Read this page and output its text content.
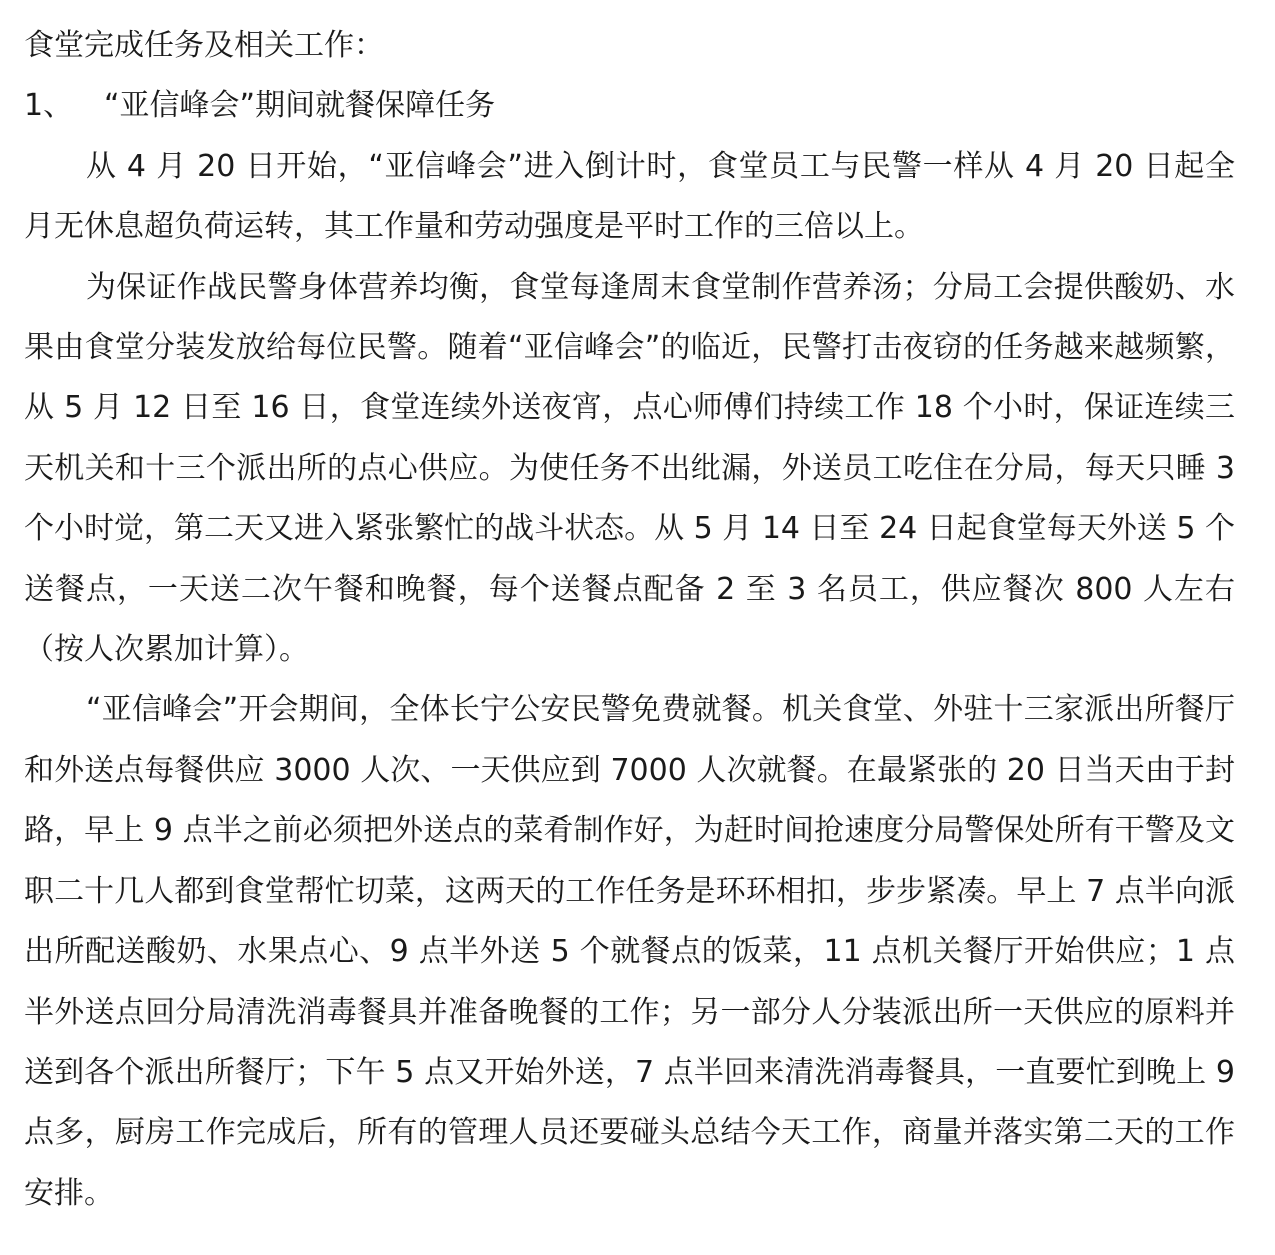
食堂完成任务及相关工作：

1、 “亚信峰会”期间就餐保障任务

从 4 月 20 日开始，“亚信峰会”进入倒计时，食堂员工与民警一样从 4 月 20 日起全月无休息超负荷运转，其工作量和劳动强度是平时工作的三倍以上。

为保证作战民警身体营养均衡，食堂每逢周末食堂制作营养汤；分局工会提供酸奶、水果由食堂分装发放给每位民警。随着“亚信峰会”的临近，民警打击夜窃的任务越来越频繁，从 5 月 12 日至 16 日，食堂连续外送夜宵，点心师傅们持续工作 18 个小时，保证连续三天机关和十三个派出所的点心供应。为使任务不出纰漏，外送员工吃住在分局，每天只睡 3 个小时觉，第二天又进入紧张繁忙的战斗状态。从 5 月 14 日至 24 日起食堂每天外送 5 个送餐点，一天送二次午餐和晚餐，每个送餐点配备 2 至 3 名员工，供应餐次 800 人左右（按人次累加计算）。

“亚信峰会”开会期间，全体长宁公安民警免费就餐。机关食堂、外驻十三家派出所餐厅和外送点每餐供应 3000 人次、一天供应到 7000 人次就餐。在最紧张的 20 日当天由于封路，早上 9 点半之前必须把外送点的菜肴制作好，为赶时间抢速度分局警保处所有干警及文职二十几人都到食堂帮忙切菜，这两天的工作任务是环环相扣，步步紧凑。早上 7 点半向派出所配送酸奶、水果点心、9 点半外送 5 个就餐点的饭菜，11 点机关餐厅开始供应；1 点半外送点回分局清洗消毒餐具并准备晚餐的工作；另一部分人分装派出所一天供应的原料并送到各个派出所餐厅；下午 5 点又开始外送，7 点半回来清洗消毒餐具，一直要忙到晚上 9 点多，厨房工作完成后，所有的管理人员还要碰头总结今天工作，商量并落实第二天的工作安排。
